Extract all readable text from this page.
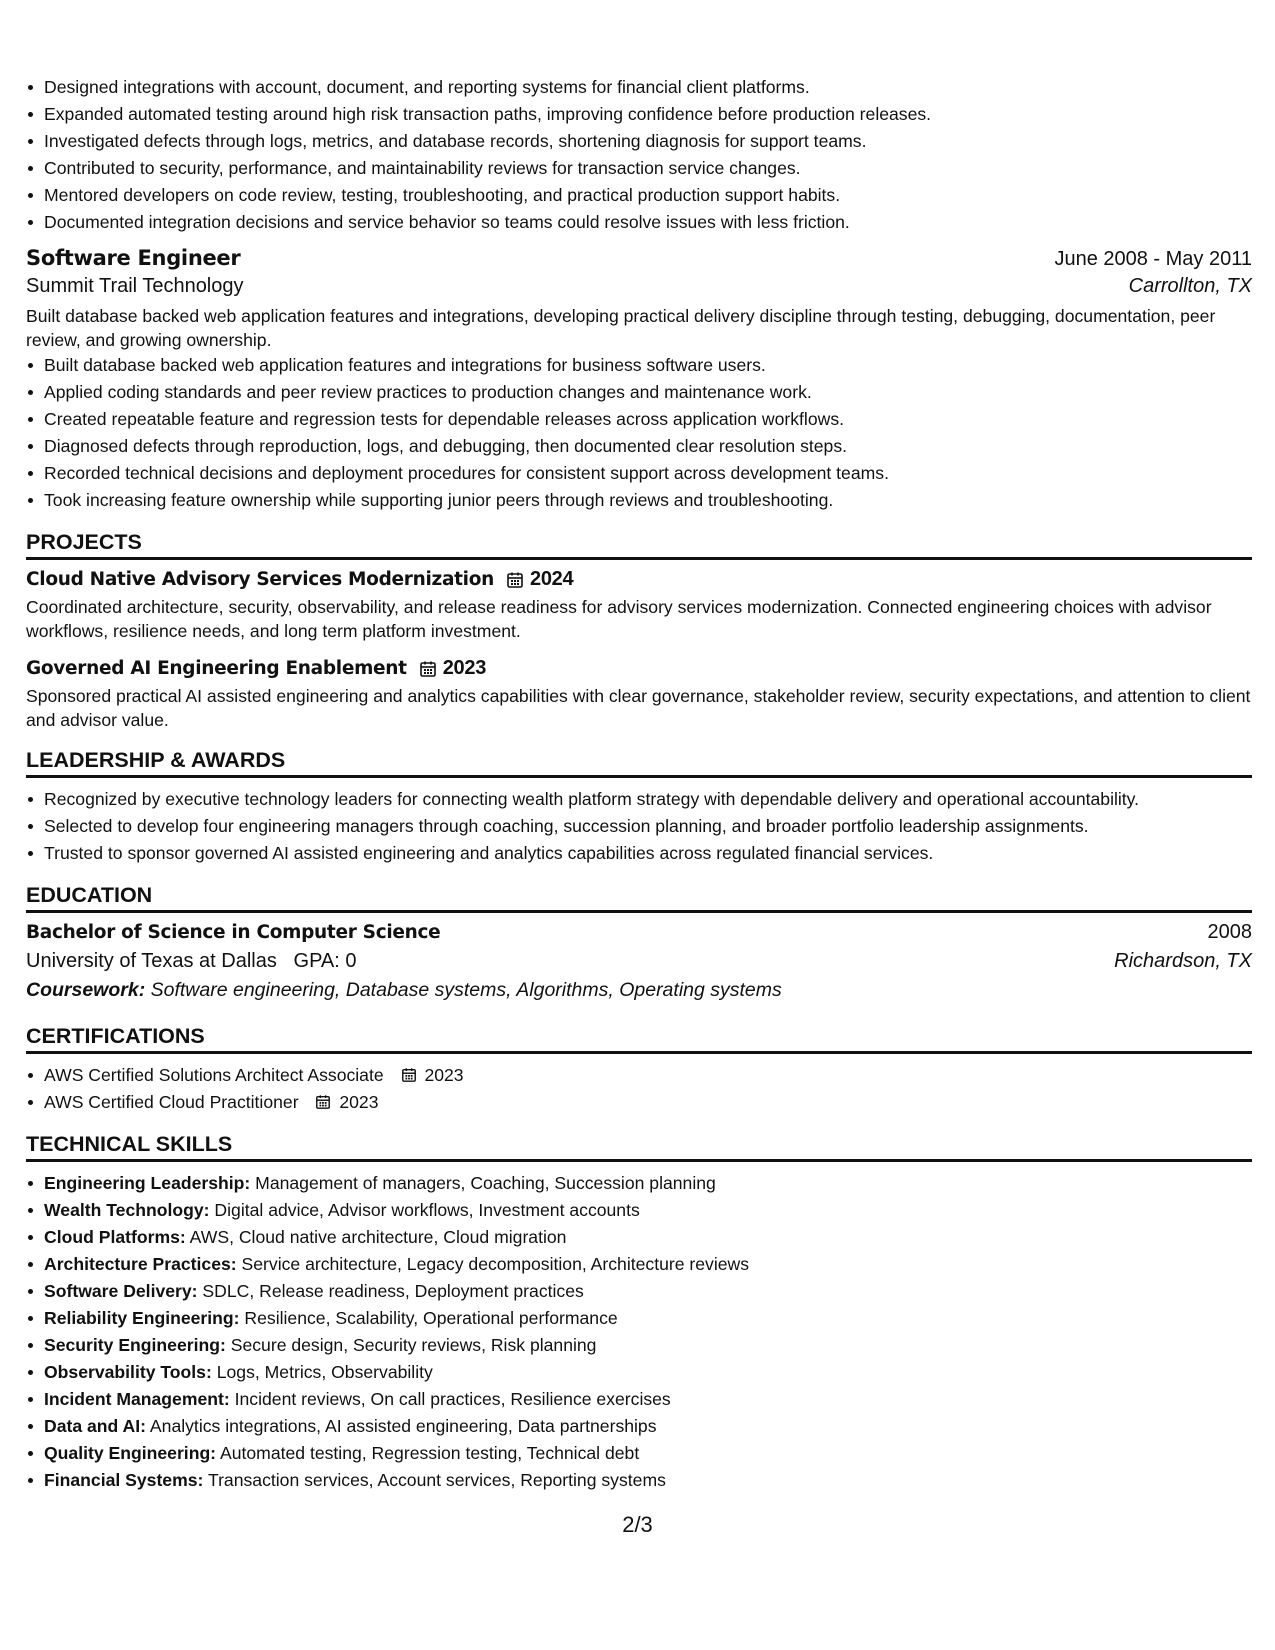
Designed integrations with account, document, and reporting systems for financial client platforms.
Expanded automated testing around high risk transaction paths, improving confidence before production releases.
Investigated defects through logs, metrics, and database records, shortening diagnosis for support teams.
Contributed to security, performance, and maintainability reviews for transaction service changes.
Mentored developers on code review, testing, troubleshooting, and practical production support habits.
Documented integration decisions and service behavior so teams could resolve issues with less friction.
Software Engineer	June 2008 - May 2011
Summit Trail Technology	Carrollton, TX
Built database backed web application features and integrations, developing practical delivery discipline through testing, debugging, documentation, peer review, and growing ownership.
Built database backed web application features and integrations for business software users.
Applied coding standards and peer review practices to production changes and maintenance work.
Created repeatable feature and regression tests for dependable releases across application workflows.
Diagnosed defects through reproduction, logs, and debugging, then documented clear resolution steps.
Recorded technical decisions and deployment procedures for consistent support across development teams.
Took increasing feature ownership while supporting junior peers through reviews and troubleshooting.
PROJECTS
Cloud Native Advisory Services Modernization 2024
Coordinated architecture, security, observability, and release readiness for advisory services modernization. Connected engineering choices with advisor workflows, resilience needs, and long term platform investment.
Governed AI Engineering Enablement 2023
Sponsored practical AI assisted engineering and analytics capabilities with clear governance, stakeholder review, security expectations, and attention to client and advisor value.
LEADERSHIP & AWARDS
Recognized by executive technology leaders for connecting wealth platform strategy with dependable delivery and operational accountability.
Selected to develop four engineering managers through coaching, succession planning, and broader portfolio leadership assignments.
Trusted to sponsor governed AI assisted engineering and analytics capabilities across regulated financial services.
EDUCATION
Bachelor of Science in Computer Science	2008
University of Texas at Dallas GPA: 0	Richardson, TX
Coursework: Software engineering, Database systems, Algorithms, Operating systems
CERTIFICATIONS
AWS Certified Solutions Architect Associate 2023
AWS Certified Cloud Practitioner 2023
TECHNICAL SKILLS
Engineering Leadership: Management of managers, Coaching, Succession planning
Wealth Technology: Digital advice, Advisor workflows, Investment accounts
Cloud Platforms: AWS, Cloud native architecture, Cloud migration
Architecture Practices: Service architecture, Legacy decomposition, Architecture reviews
Software Delivery: SDLC, Release readiness, Deployment practices
Reliability Engineering: Resilience, Scalability, Operational performance
Security Engineering: Secure design, Security reviews, Risk planning
Observability Tools: Logs, Metrics, Observability
Incident Management: Incident reviews, On call practices, Resilience exercises
Data and AI: Analytics integrations, AI assisted engineering, Data partnerships
Quality Engineering: Automated testing, Regression testing, Technical debt
Financial Systems: Transaction services, Account services, Reporting systems
2/3
